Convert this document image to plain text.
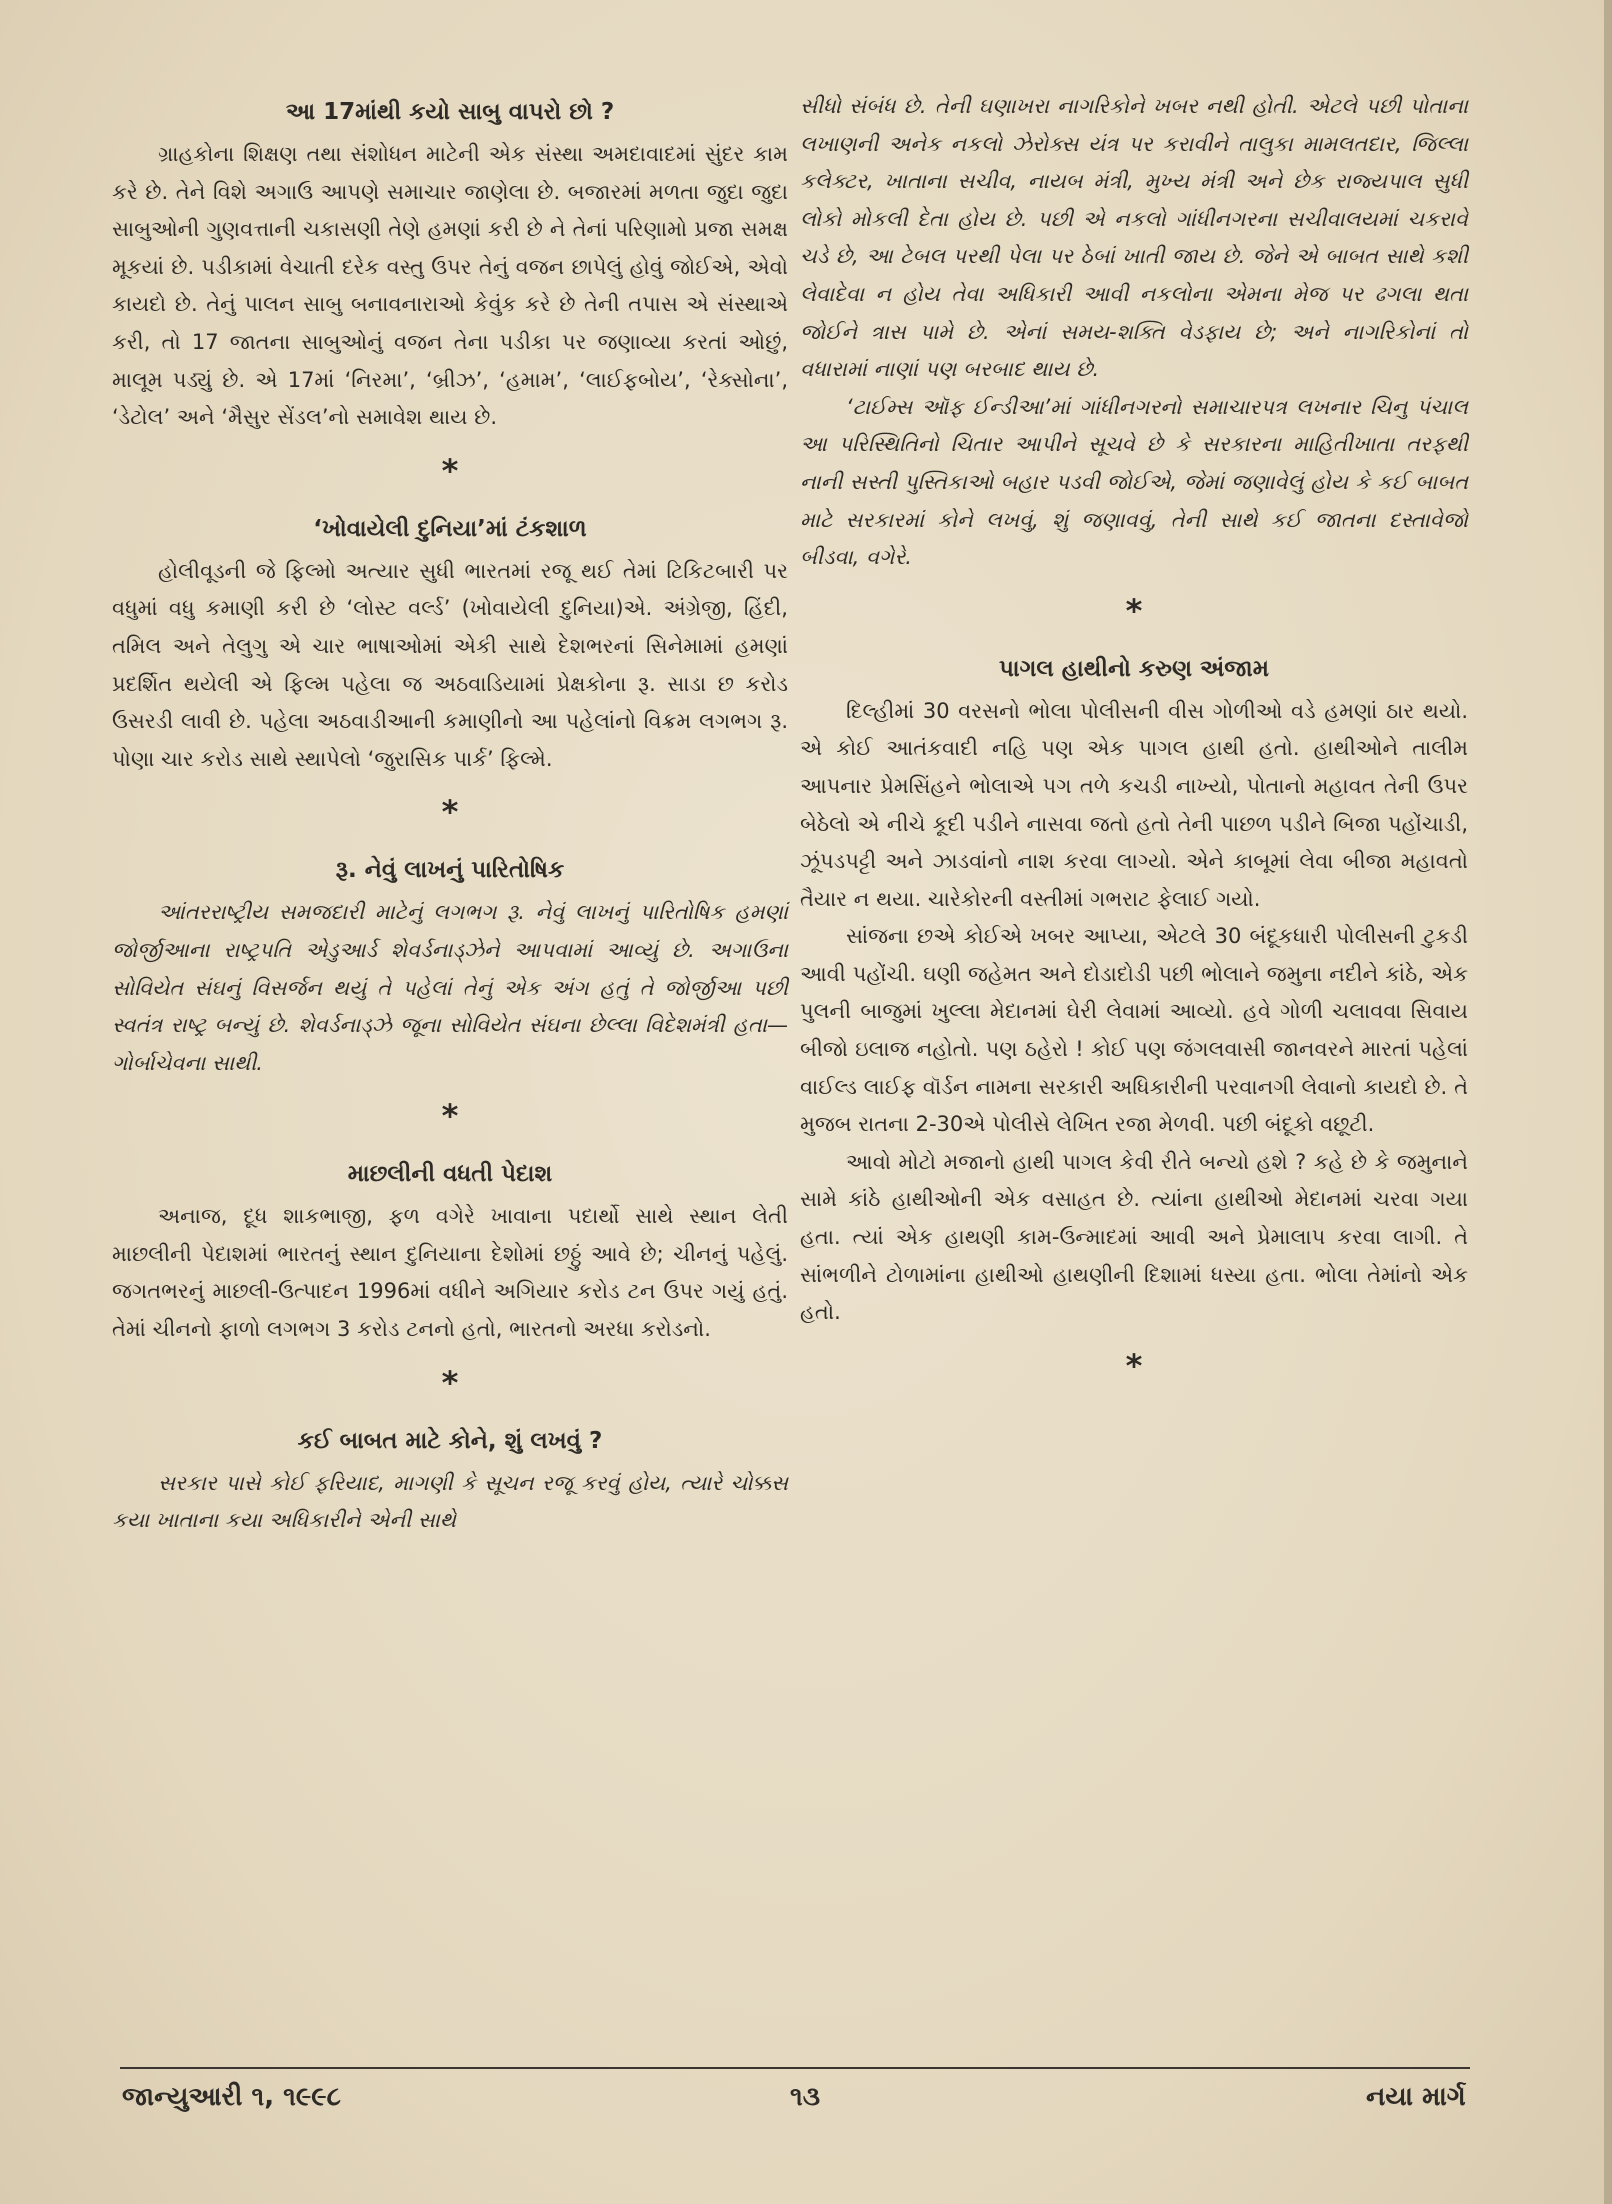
આ 17માંથી કયો સાબુ વાપરો છો ?

ગ્રાહકોના શિક્ષણ તથા સંશોધન માટેની એક સંસ્થા અમદાવાદમાં સુંદર કામ કરે છે. તેને વિશે અગાઉ આપણે સમાચાર જાણેલા છે. બજારમાં મળતા જુદા જુદા સાબુઓની ગુણવત્તાની ચકાસણી તેણે હમણાં કરી છે ને તેનાં પરિણામો પ્રજા સમક્ષ મૂકયાં છે. પડીકામાં વેચાતી દરેક વસ્તુ ઉપર તેનું વજન છાપેલું હોવું જોઈએ, એવો કાયદો છે. તેનું પાલન સાબુ બનાવનારાઓ કેવુંક કરે છે તેની તપાસ એ સંસ્થાએ કરી, તો 17 જાતના સાબુઓનું વજન તેના પડીકા પર જણાવ્યા કરતાં ઓછું, માલૂમ પડ્યું છે. એ 17માં ‘નિરમા’, ‘બ્રીઝ’, ‘હમામ’, ‘લાઈફબોય’, ‘રેક્સોના’, ‘ડેટોલ’ અને ‘મૈસુર સેંડલ’નો સમાવેશ થાય છે.

*
‘ખોવાયેલી દુનિયા’માં ટંકશાળ

હોલીવૂડની જે ફિલ્મો અત્યાર સુધી ભારતમાં રજૂ થઈ તેમાં ટિકિટબારી પર વધુમાં વધુ કમાણી કરી છે ‘લોસ્ટ વર્લ્ડ’ (ખોવાયેલી દુનિયા)એ. અંગ્રેજી, હિંદી, તમિલ અને તેલુગુ એ ચાર ભાષાઓમાં એકી સાથે દેશભરનાં સિનેમામાં હમણાં પ્રદર્શિત થયેલી એ ફિલ્મ પહેલા જ અઠવાડિયામાં પ્રેક્ષકોના રૂ. સાડા છ કરોડ ઉસરડી લાવી છે. પહેલા અઠવાડીઆની કમાણીનો આ પહેલાંનો વિક્રમ લગભગ રૂ. પોણા ચાર કરોડ સાથે સ્થાપેલો ‘જુરાસિક પાર્ક’ ફિલ્મે.

*
રૂ. નેવું લાખનું પારિતોષિક

આંતરરાષ્ટ્રીય સમજદારી માટેનું લગભગ રૂ. નેવું લાખનું પારિતોષિક હમણાં જોર્જીઆના રાષ્ટ્રપતિ એડુઆર્ડ શેવર્ડનાડ્ઝેને આપવામાં આવ્યું છે. અગાઉના સોવિયેત સંઘનું વિસર્જન થયું તે પહેલાં તેનું એક અંગ હતું તે જોર્જીઆ પછી સ્વતંત્ર રાષ્ટ્ર બન્યું છે. શેવર્ડનાડ્ઝે જૂના સોવિયેત સંઘના છેલ્લા વિદેશમંત્રી હતા—ગોર્બાચેવના સાથી.

*
માછલીની વધતી પેદાશ

અનાજ, દૂધ શાકભાજી, ફળ વગેરે ખાવાના પદાર્થો સાથે સ્થાન લેતી માછલીની પેદાશમાં ભારતનું સ્થાન દુનિયાના દેશોમાં છઠ્ઠું આવે છે; ચીનનું પહેલું. જગતભરનું માછલી-ઉત્પાદન 1996માં વધીને અગિયાર કરોડ ટન ઉપર ગયું હતું. તેમાં ચીનનો ફાળો લગભગ 3 કરોડ ટનનો હતો, ભારતનો અરધા કરોડનો.

*
કઈ બાબત માટે કોને, શું લખવું ?

સરકાર પાસે કોઈ ફરિયાદ, માગણી કે સૂચન રજૂ કરવું હોય, ત્યારે ચોક્કસ કયા ખાતાના કયા અધિકારીને એની સાથે

સીધો સંબંધ છે. તેની ઘણાખરા નાગરિકોને ખબર નથી હોતી. એટલે પછી પોતાના લખાણની અનેક નકલો ઝેરોક્સ યંત્ર પર કરાવીને તાલુકા મામલતદાર, જિલ્લા કલેક્ટર, ખાતાના સચીવ, નાયબ મંત્રી, મુખ્ય મંત્રી અને છેક રાજ્યપાલ સુધી લોકો મોકલી દેતા હોય છે. પછી એ નકલો ગાંધીનગરના સચીવાલયમાં ચકરાવે ચડે છે, આ ટેબલ પરથી પેલા પર ઠેબાં ખાતી જાય છે. જેને એ બાબત સાથે કશી લેવાદેવા ન હોય તેવા અધિકારી આવી નકલોના એમના મેજ પર ઢગલા થતા જોઈને ત્રાસ પામે છે. એનાં સમય-શક્તિ વેડફાય છે; અને નાગરિકોનાં તો વધારામાં નાણાં પણ બરબાદ થાય છે.

‘ટાઈમ્સ ઑફ ઈન્ડીઆ’માં ગાંધીનગરનો સમાચારપત્ર લખનાર ચિનુ પંચાલ આ પરિસ્થિતિનો ચિતાર આપીને સૂચવે છે કે સરકારના માહિતીખાતા તરફથી નાની સસ્તી પુસ્તિકાઓ બહાર પડવી જોઈએ, જેમાં જણાવેલું હોય કે કઈ બાબત માટે સરકારમાં કોને લખવું, શું જણાવવું, તેની સાથે કઈ જાતના દસ્તાવેજો બીડવા, વગેરે.

*
પાગલ હાથીનો કરુણ અંજામ

દિલ્હીમાં 30 વરસનો ભોલા પોલીસની વીસ ગોળીઓ વડે હમણાં ઠાર થયો. એ કોઈ આતંકવાદી નહિ પણ એક પાગલ હાથી હતો. હાથીઓને તાલીમ આપનાર પ્રેમસિંહને ભોલાએ પગ તળે કચડી નાખ્યો, પોતાનો મહાવત તેની ઉપર બેઠેલો એ નીચે કૂદી પડીને નાસવા જતો હતો તેની પાછળ પડીને બિજા પહોંચાડી, ઝૂંપડપટ્ટી અને ઝાડવાંનો નાશ કરવા લાગ્યો. એને કાબૂમાં લેવા બીજા મહાવતો તૈયાર ન થયા. ચારેકોરની વસ્તીમાં ગભરાટ ફેલાઈ ગયો.

સાંજના છએ કોઈએ ખબર આપ્યા, એટલે 30 બંદૂકધારી પોલીસની ટુકડી આવી પહોંચી. ઘણી જહેમત અને દોડાદોડી પછી ભોલાને જમુના નદીને કાંઠે, એક પુલની બાજુમાં ખુલ્લા મેદાનમાં ઘેરી લેવામાં આવ્યો. હવે ગોળી ચલાવવા સિવાય બીજો ઇલાજ નહોતો. પણ ઠહેરો ! કોઈ પણ જંગલવાસી જાનવરને મારતાં પહેલાં વાઈલ્ડ લાઈફ વૉર્ડન નામના સરકારી અધિકારીની પરવાનગી લેવાનો કાયદો છે. તે મુજબ રાતના 2-30એ પોલીસે લેખિત રજા મેળવી. પછી બંદૂકો વછૂટી.

આવો મોટો મજાનો હાથી પાગલ કેવી રીતે બન્યો હશે ? કહે છે કે જમુનાને સામે કાંઠે હાથીઓની એક વસાહત છે. ત્યાંના હાથીઓ મેદાનમાં ચરવા ગયા હતા. ત્યાં એક હાથણી કામ-ઉન્માદમાં આવી અને પ્રેમાલાપ કરવા લાગી. તે સાંભળીને ટોળામાંના હાથીઓ હાથણીની દિશામાં ધસ્યા હતા. ભોલા તેમાંનો એક હતો.

*
જાન્યુઆરી ૧, ૧૯૯૮	૧૩	નયા માર્ગ
